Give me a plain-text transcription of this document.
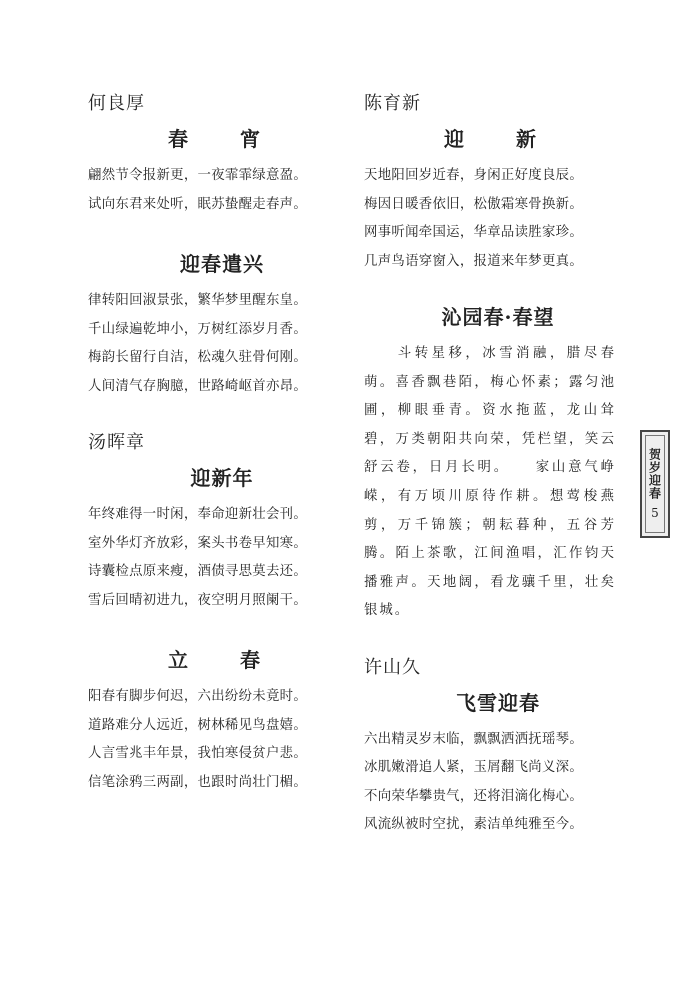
何良厚
春　宵

翩然节令报新更，一夜霏霏绿意盈。

试向东君来处听，眠苏蛰醒走春声。

迎春遣兴

律转阳回淑景张，繁华梦里醒东皇。

千山绿遍乾坤小，万树红添岁月香。

梅韵长留行自洁，松魂久驻骨何刚。

人间清气存胸臆，世路崎岖首亦昂。

汤晖章
迎新年

年终难得一时闲，奉命迎新壮会刊。

室外华灯齐放彩，案头书卷早知寒。

诗囊检点原来瘦，酒债寻思莫去还。

雪后回晴初进九，夜空明月照阑干。

立　春

阳春有脚步何迟，六出纷纷未竟时。

道路难分人远近，树林稀见鸟盘嬉。

人言雪兆丰年景，我怕寒侵贫户悲。

信笔涂鸦三两副，也跟时尚壮门楣。

陈育新
迎　新

天地阳回岁近春，身闲正好度良辰。

梅因日暖香依旧，松傲霜寒骨换新。

网事听闻牵国运，华章品读胜家珍。

几声鸟语穿窗入，报道来年梦更真。

沁园春·春望

　　斗转星移，冰雪消融，腊尽春萌。喜香飘巷陌，梅心怀素；露匀池圃，柳眼垂青。资水拖蓝，龙山耸碧，万类朝阳共向荣，凭栏望，笑云舒云卷，日月长明。　　家山意气峥嵘，有万顷川原待作耕。想莺梭燕剪，万千锦簇；朝耘暮种，五谷芳腾。陌上茶歌，江间渔唱，汇作钧天播雅声。天地阔，看龙骧千里，壮矣银城。

许山久
飞雪迎春

六出精灵岁末临，飘飘洒洒抚瑶琴。

冰肌嫩滑追人紧，玉屑翻飞尚义深。

不向荣华攀贵气，还将泪滴化梅心。

风流纵被时空扰，素洁单纯雅至今。

贺岁迎春
5
